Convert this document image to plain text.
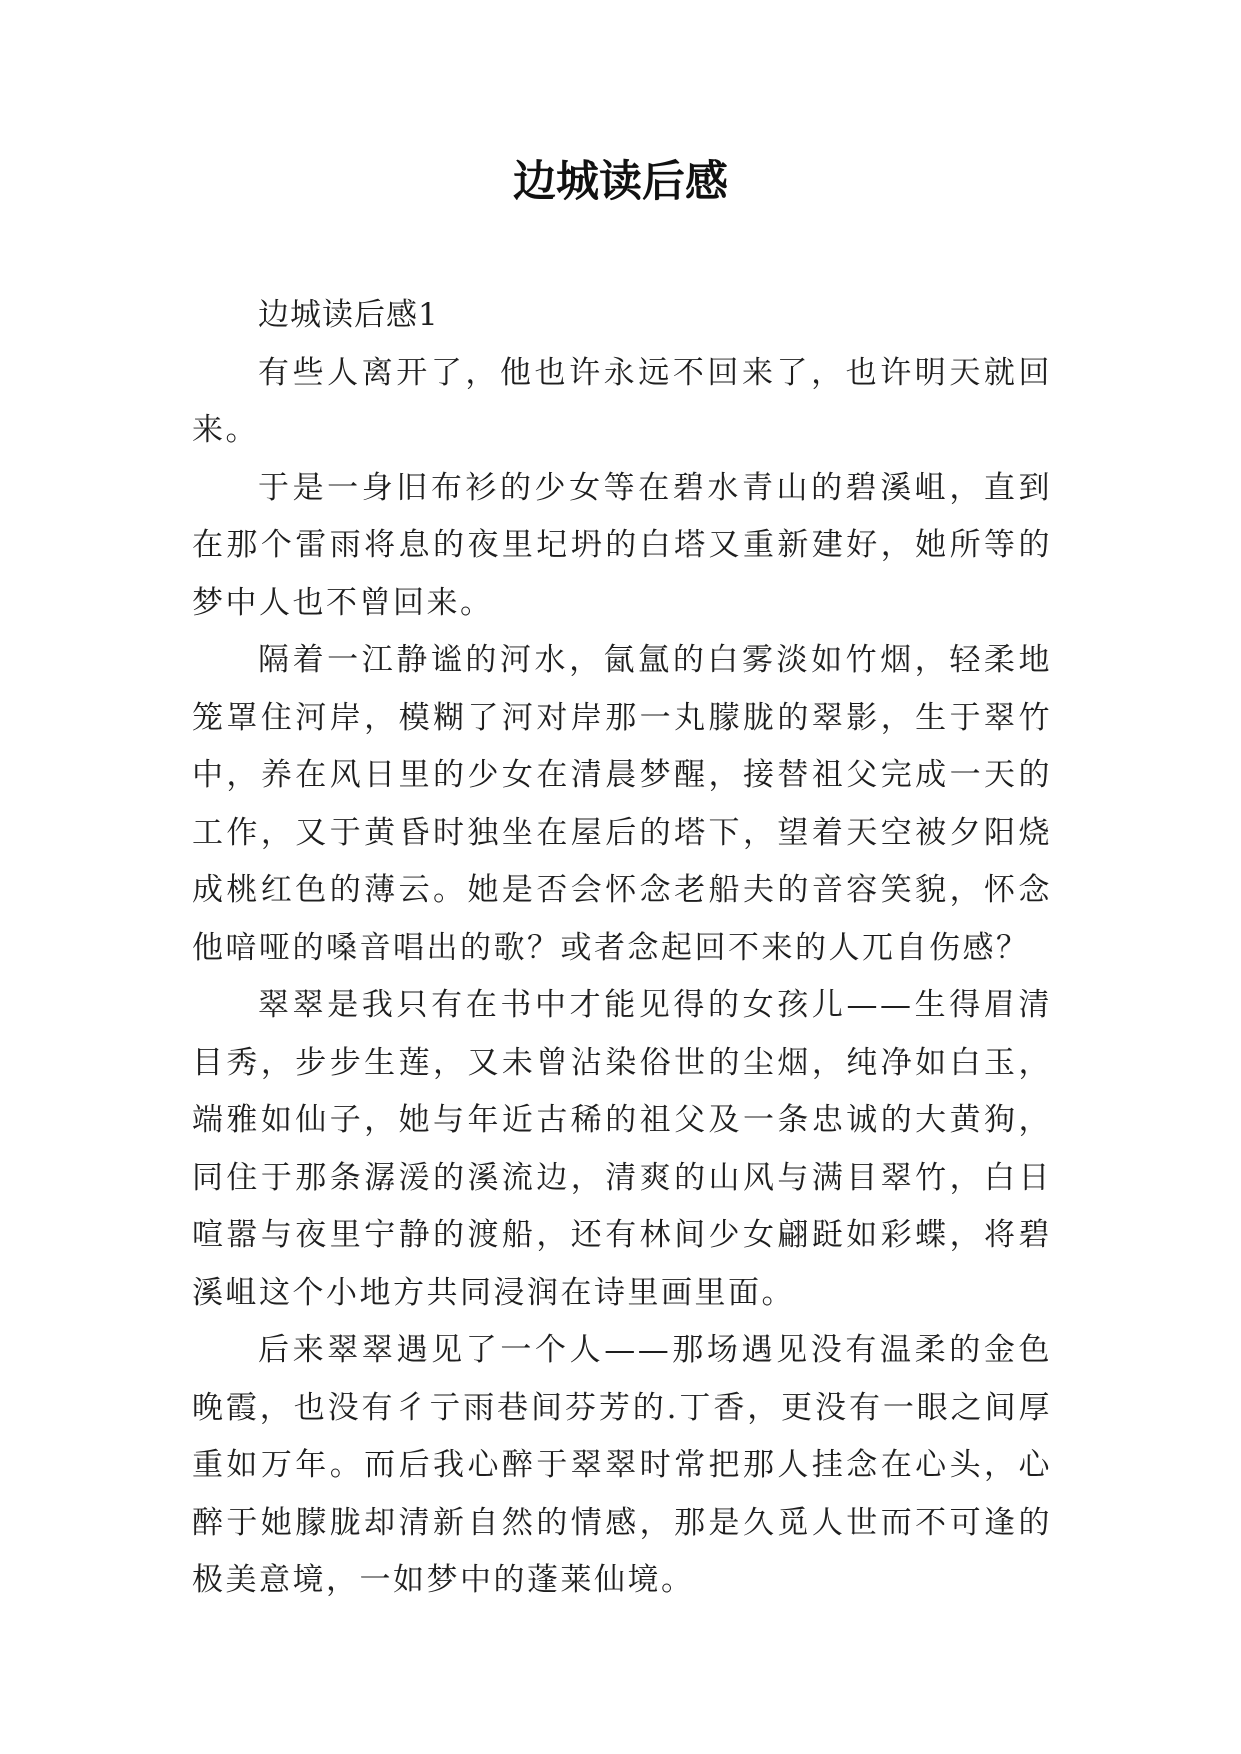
边城读后感

边城读后感1

有些人离开了，他也许永远不回来了，也许明天就回来。

于是一身旧布衫的少女等在碧水青山的碧溪岨，直到在那个雷雨将息的夜里圮坍的白塔又重新建好，她所等的梦中人也不曾回来。

隔着一江静谧的河水，氤氲的白雾淡如竹烟，轻柔地笼罩住河岸，模糊了河对岸那一丸朦胧的翠影，生于翠竹中，养在风日里的少女在清晨梦醒，接替祖父完成一天的工作，又于黄昏时独坐在屋后的塔下，望着天空被夕阳烧成桃红色的薄云。她是否会怀念老船夫的音容笑貌，怀念他喑哑的嗓音唱出的歌？或者念起回不来的人兀自伤感？

翠翠是我只有在书中才能见得的女孩儿——生得眉清目秀，步步生莲，又未曾沾染俗世的尘烟，纯净如白玉，端雅如仙子，她与年近古稀的祖父及一条忠诚的大黄狗，同住于那条潺湲的溪流边，清爽的山风与满目翠竹，白日喧嚣与夜里宁静的渡船，还有林间少女翩跹如彩蝶，将碧溪岨这个小地方共同浸润在诗里画里面。

后来翠翠遇见了一个人——那场遇见没有温柔的金色晚霞，也没有彳亍雨巷间芬芳的.丁香，更没有一眼之间厚重如万年。而后我心醉于翠翠时常把那人挂念在心头，心醉于她朦胧却清新自然的情感，那是久觅人世而不可逢的极美意境，一如梦中的蓬莱仙境。
